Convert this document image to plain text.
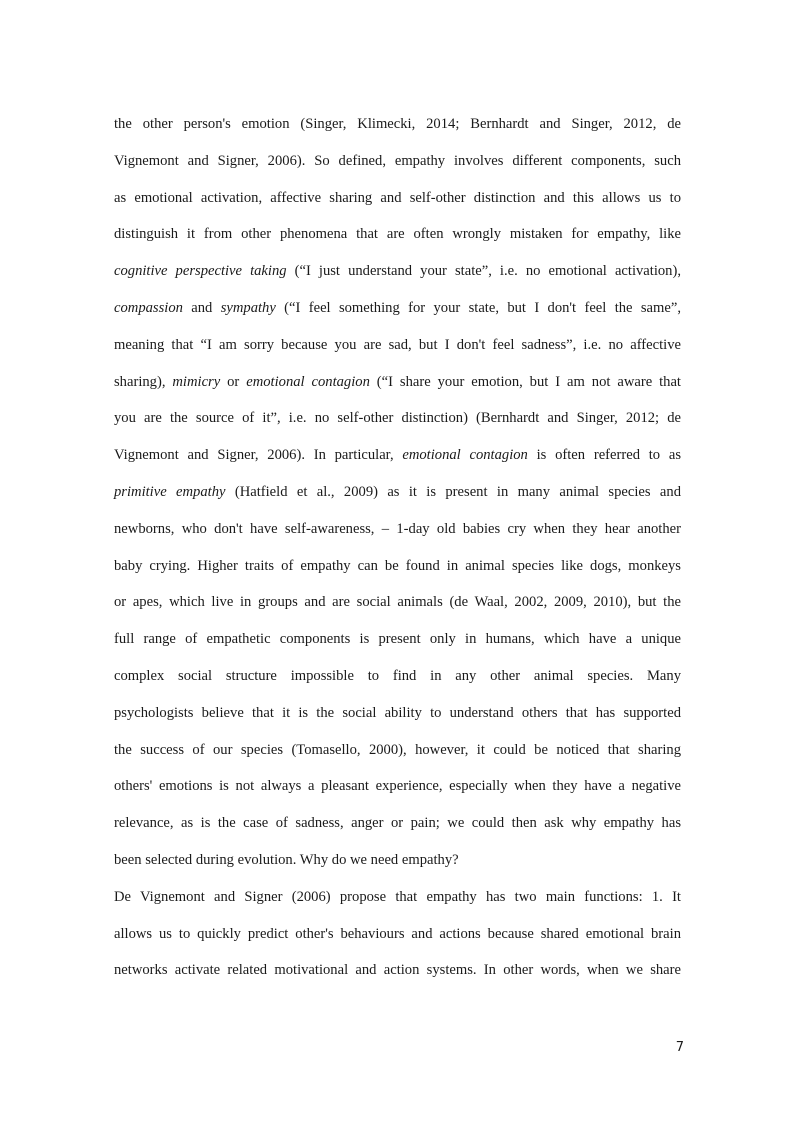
the other person's emotion (Singer, Klimecki, 2014; Bernhardt and Singer, 2012, de
Vignemont and Signer, 2006). So defined, empathy involves different components, such
as emotional activation, affective sharing and self-other distinction and this allows us to
distinguish it from other phenomena that are often wrongly mistaken for empathy, like
cognitive perspective taking (“I just understand your state”, i.e. no emotional activation),
compassion and sympathy (“I feel something for your state, but I don't feel the same”,
meaning that “I am sorry because you are sad, but I don't feel sadness”, i.e. no affective
sharing), mimicry or emotional contagion (“I share your emotion, but I am not aware that
you are the source of it”, i.e. no self-other distinction) (Bernhardt and Singer, 2012; de
Vignemont and Signer, 2006). In particular, emotional contagion is often referred to as
primitive empathy (Hatfield et al., 2009) as it is present in many animal species and
newborns, who don't have self-awareness, – 1-day old babies cry when they hear another
baby crying. Higher traits of empathy can be found in animal species like dogs, monkeys
or apes, which live in groups and are social animals (de Waal, 2002, 2009, 2010), but the
full range of empathetic components is present only in humans, which have a unique
complex social structure impossible to find in any other animal species. Many
psychologists believe that it is the social ability to understand others that has supported
the success of our species (Tomasello, 2000), however, it could be noticed that sharing
others' emotions is not always a pleasant experience, especially when they have a negative
relevance, as is the case of sadness, anger or pain; we could then ask why empathy has
been selected during evolution. Why do we need empathy?
De Vignemont and Signer (2006) propose that empathy has two main functions: 1. It
allows us to quickly predict other's behaviours and actions because shared emotional brain
networks activate related motivational and action systems. In other words, when we share
7
